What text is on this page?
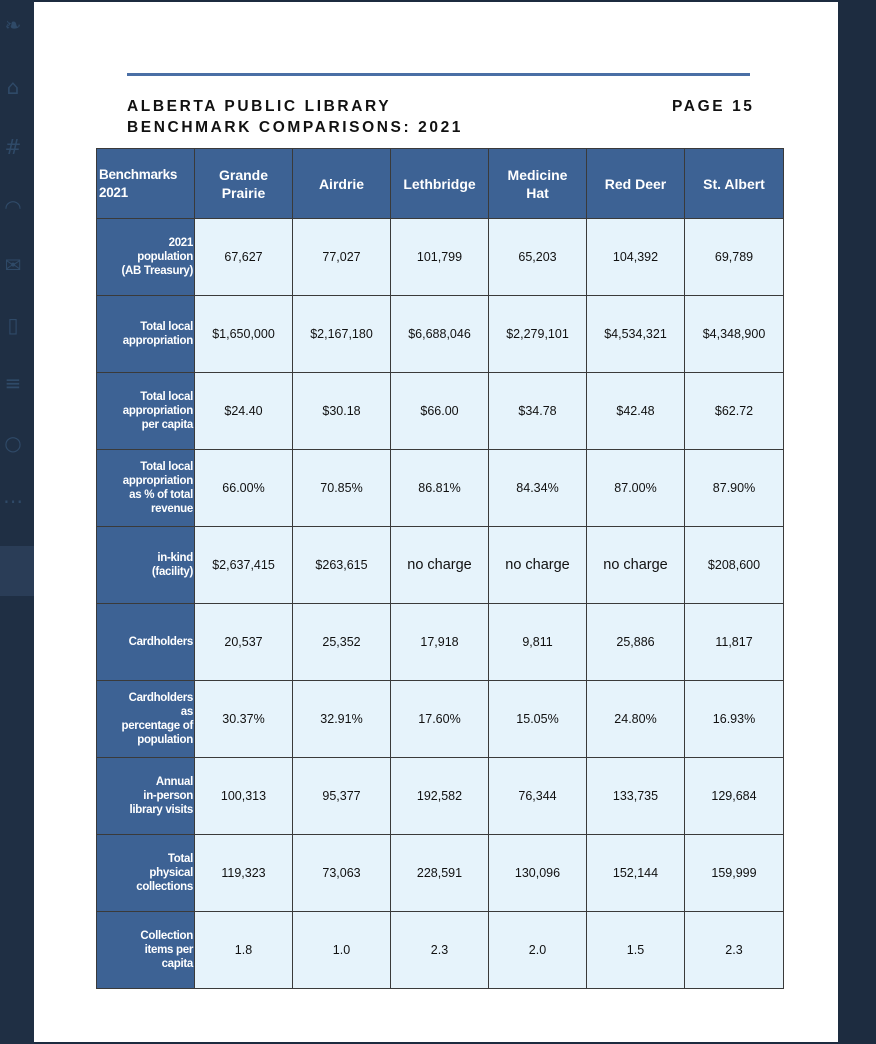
❧
⌂
#
◠
✉
▯
≡
○
⋯
ALBERTA PUBLIC LIBRARY
BENCHMARK COMPARISONS: 2021
PAGE 15
Benchmarks
2021	Grande
Prairie	Airdrie	Lethbridge	Medicine
Hat	Red Deer	St. Albert
2021
population
(AB Treasury)	67,627	77,027	101,799	65,203	104,392	69,789
Total local
appropriation	$1,650,000	$2,167,180	$6,688,046	$2,279,101	$4,534,321	$4,348,900
Total local
appropriation
per capita	$24.40	$30.18	$66.00	$34.78	$42.48	$62.72
Total local
appropriation
as % of total
revenue	66.00%	70.85%	86.81%	84.34%	87.00%	87.90%
in-kind
(facility)	$2,637,415	$263,615	no charge	no charge	no charge	$208,600
Cardholders	20,537	25,352	17,918	9,811	25,886	11,817
Cardholders
as
percentage of
population	30.37%	32.91%	17.60%	15.05%	24.80%	16.93%
Annual
in-person
library visits	100,313	95,377	192,582	76,344	133,735	129,684
Total
physical
collections	119,323	73,063	228,591	130,096	152,144	159,999
Collection
items per
capita	1.8	1.0	2.3	2.0	1.5	2.3
